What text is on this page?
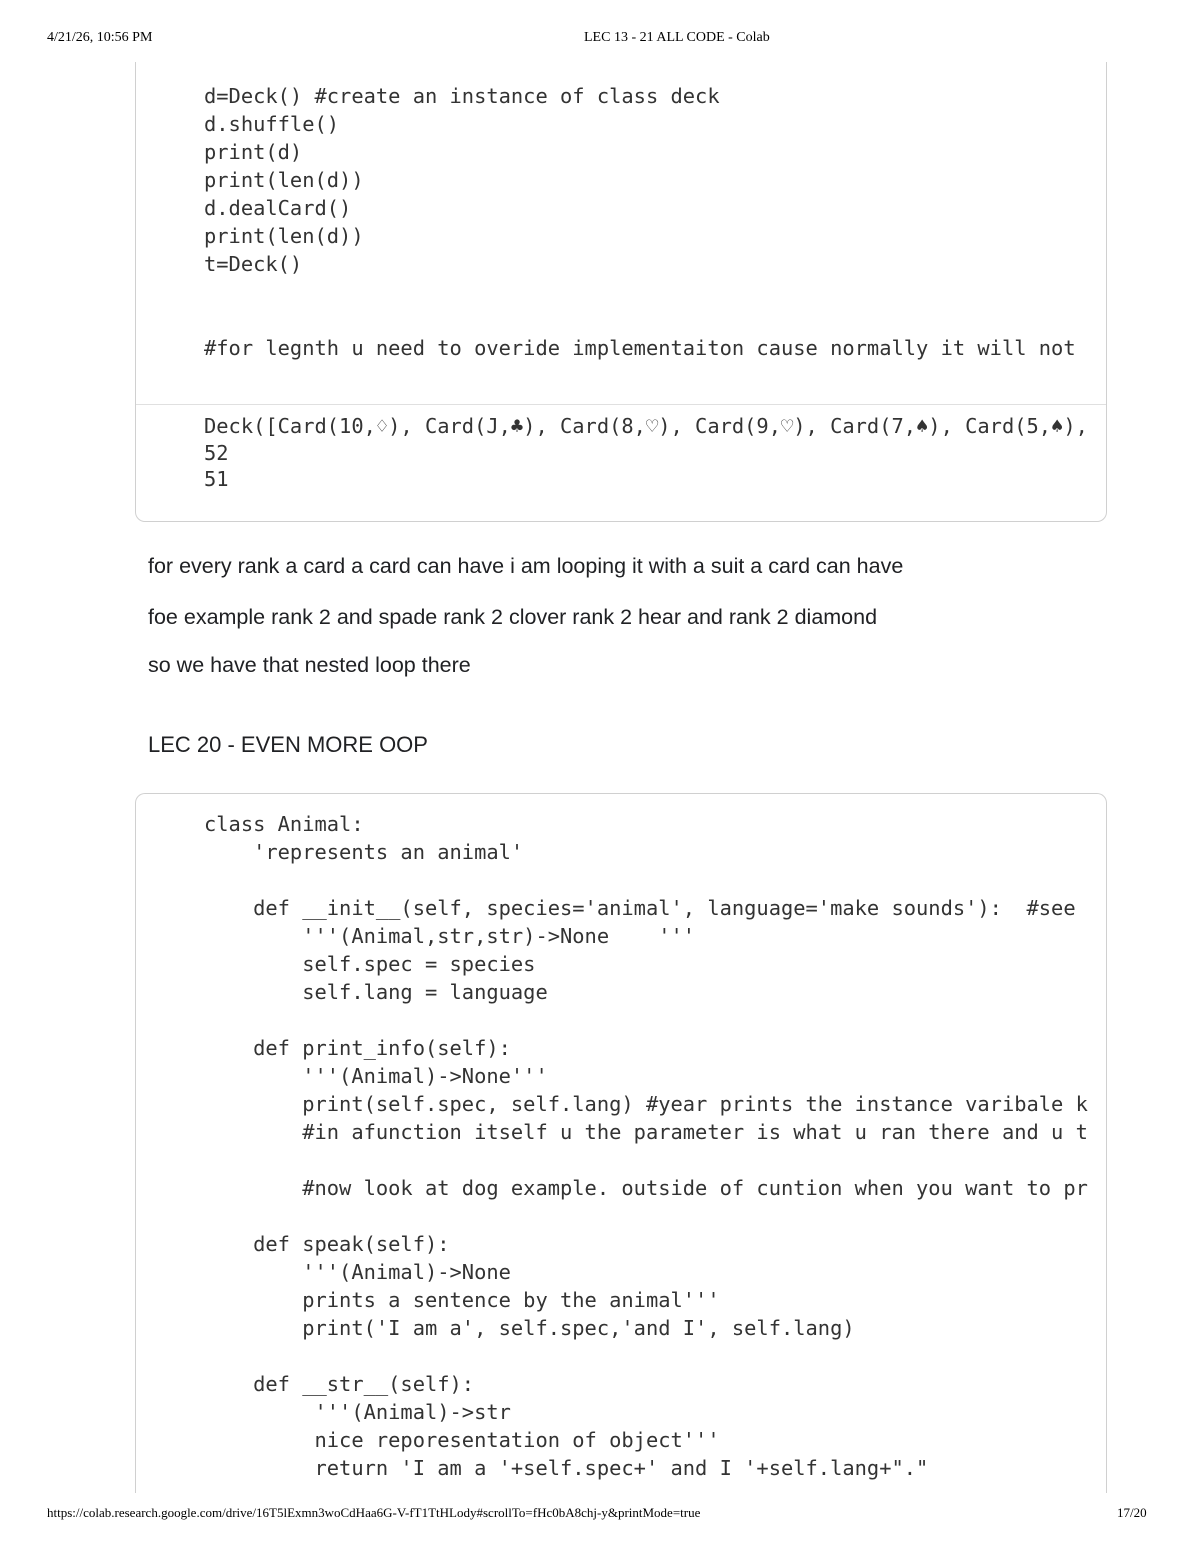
4/21/26, 10:56 PM	LEC 13 - 21 ALL CODE - Colab
d=Deck() #create an instance of class deck
d.shuffle()
print(d)
print(len(d))
d.dealCard()
print(len(d))
t=Deck()
#for legnth u need to overide implementaiton cause normally it will not
Deck([Card(10,♢), Card(J,♣), Card(8,♡), Card(9,♡), Card(7,♠), Card(5,♠),
52
51
for every rank a card a card can have i am looping it with a suit a card can have
foe example rank 2 and spade rank 2 clover rank 2 hear and rank 2 diamond
so we have that nested loop there
LEC 20 - EVEN MORE OOP
class Animal:
'represents an animal'
def __init__(self, species='animal', language='make sounds'):  #see
'''(Animal,str,str)->None    '''
self.spec = species
self.lang = language
def print_info(self):
'''(Animal)->None'''
print(self.spec, self.lang) #year prints the instance varibale k
#in afunction itself u the parameter is what u ran there and u t
#now look at dog example. outside of cuntion when you want to pr
def speak(self):
'''(Animal)->None
prints a sentence by the animal'''
print('I am a', self.spec,'and I', self.lang)
def __str__(self):
'''(Animal)->str
nice reporesentation of object'''
return 'I am a '+self.spec+' and I '+self.lang+"."
https://colab.research.google.com/drive/16T5lExmn3woCdHaa6G-V-fT1TtHLody#scrollTo=fHc0bA8chj-y&printMode=true	17/20
